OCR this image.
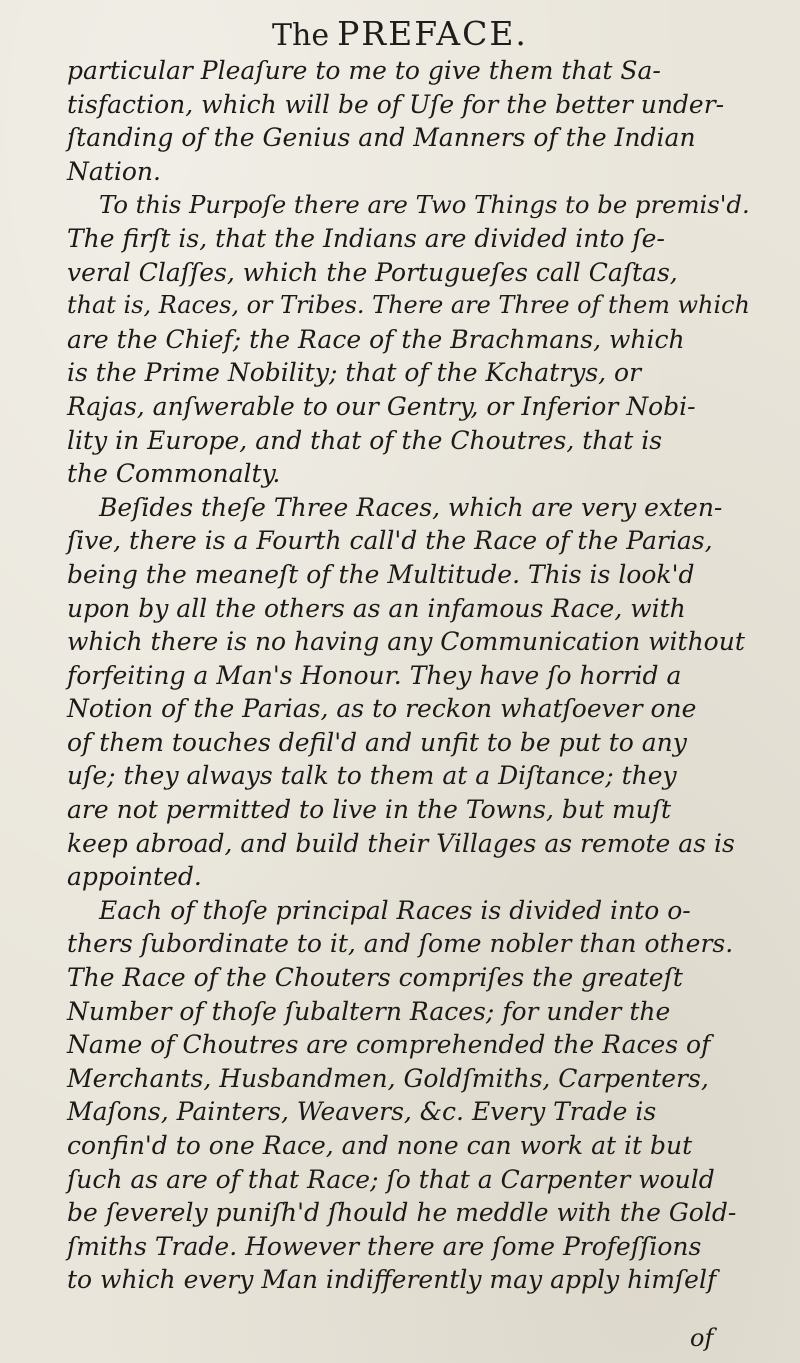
The PREFACE.
particular Pleaſure to me to give them that Sa-
tisfaction, which will be of Uſe for the better under-
ſtanding of the Genius and Manners of the Indian
Nation.
To this Purpoſe there are Two Things to be premis'd.
The firſt is, that the Indians are divided into ſe-
veral Claſſes, which the Portugueſes call Caſtas,
that is, Races, or Tribes. There are Three of them which
are the Chief; the Race of the Brachmans, which
is the Prime Nobility; that of the Kchatrys, or
Rajas, anſwerable to our Gentry, or Inferior Nobi-
lity in Europe, and that of the Choutres, that is
the Commonalty.
Beſides theſe Three Races, which are very exten-
ſive, there is a Fourth call'd the Race of the Parias,
being the meaneſt of the Multitude. This is look'd
upon by all the others as an infamous Race, with
which there is no having any Communication without
forfeiting a Man's Honour. They have ſo horrid a
Notion of the Parias, as to reckon whatſoever one
of them touches defil'd and unfit to be put to any
uſe; they always talk to them at a Diſtance; they
are not permitted to live in the Towns, but muſt
keep abroad, and build their Villages as remote as is
appointed.
Each of thoſe principal Races is divided into o-
thers ſubordinate to it, and ſome nobler than others.
The Race of the Chouters compriſes the greateſt
Number of thoſe ſubaltern Races; for under the
Name of Choutres are comprehended the Races of
Merchants, Husbandmen, Goldſmiths, Carpenters,
Maſons, Painters, Weavers, &c. Every Trade is
confin'd to one Race, and none can work at it but
ſuch as are of that Race; ſo that a Carpenter would
be ſeverely puniſh'd ſhould he meddle with the Gold-
ſmiths Trade. However there are ſome Profeſſions
to which every Man indifferently may apply himſelf
of
